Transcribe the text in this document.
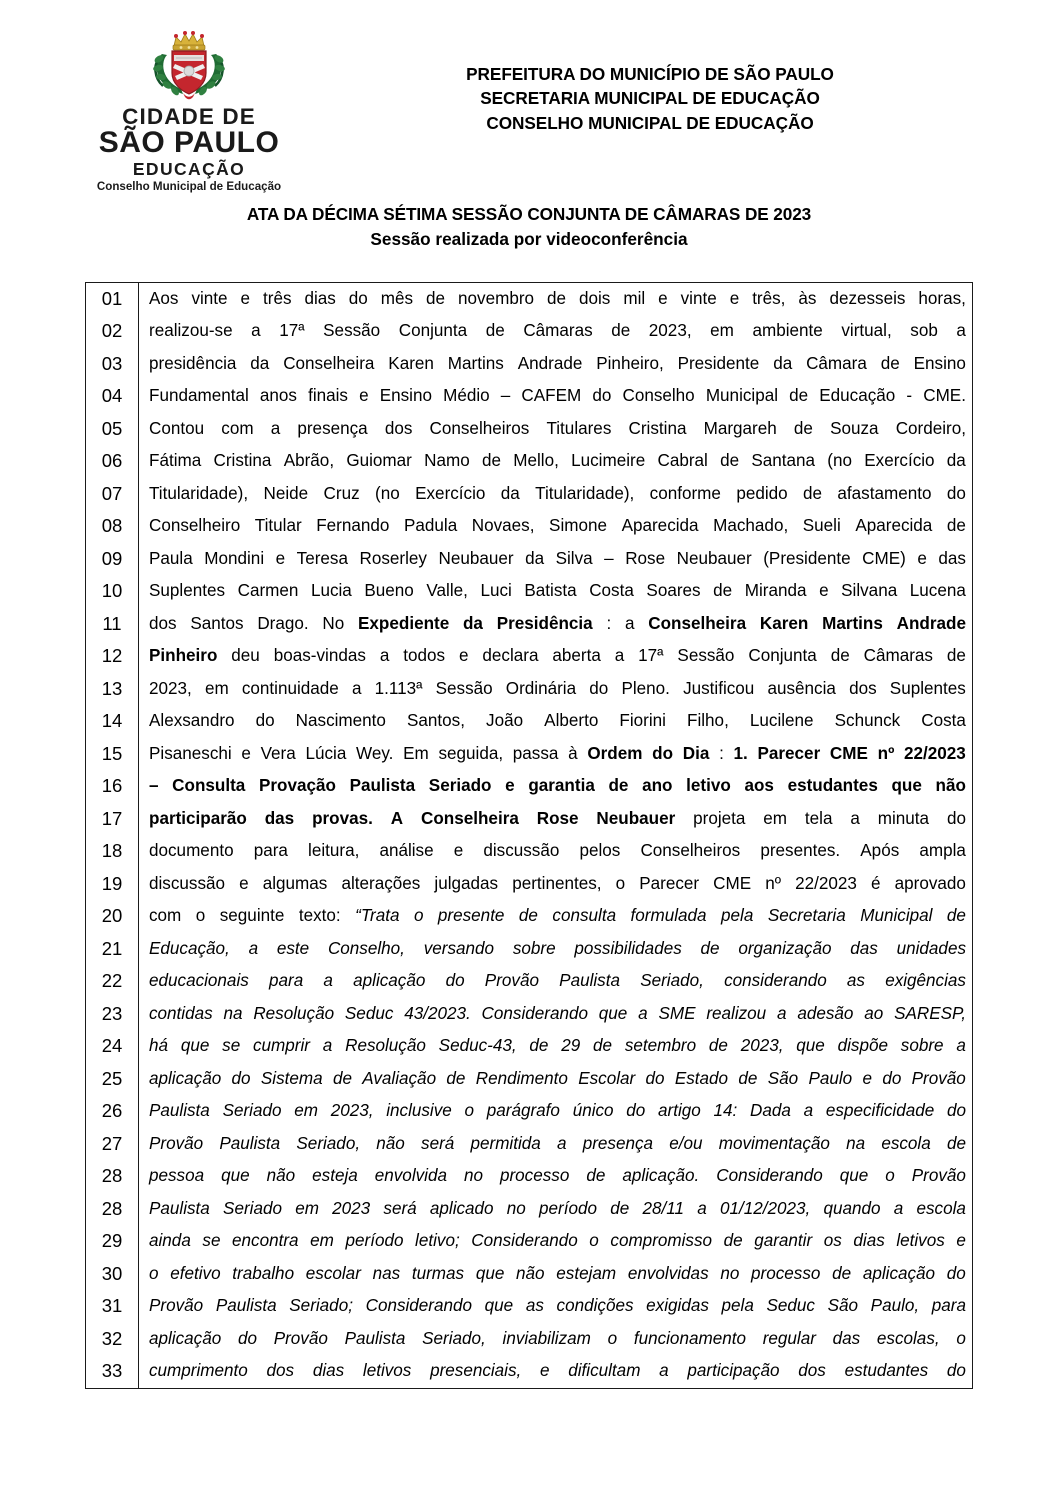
CIDADE DE
SÃO PAULO
EDUCAÇÃO
Conselho Municipal de Educação
PREFEITURA DO MUNICÍPIO DE SÃO PAULO
SECRETARIA MUNICIPAL DE EDUCAÇÃO
CONSELHO MUNICIPAL DE EDUCAÇÃO
ATA DA DÉCIMA SÉTIMA SESSÃO CONJUNTA DE CÂMARAS DE 2023
Sessão realizada por videoconferência
01	Aos vinte e três dias do mês de novembro de dois mil e vinte e três, às dezesseis horas,

02	realizou-se a 17ª Sessão Conjunta de Câmaras de 2023, em ambiente virtual, sob a

03	presidência da Conselheira Karen Martins Andrade Pinheiro, Presidente da Câmara de Ensino

04	Fundamental anos finais e Ensino Médio – CAFEM do Conselho Municipal de Educação - CME.

05	Contou com a presença dos Conselheiros Titulares Cristina Margareh de Souza Cordeiro,

06	Fátima Cristina Abrão, Guiomar Namo de Mello, Lucimeire Cabral de Santana (no Exercício da

07	Titularidade), Neide Cruz (no Exercício da Titularidade), conforme pedido de afastamento do

08	Conselheiro Titular Fernando Padula Novaes, Simone Aparecida Machado, Sueli Aparecida de

09	Paula Mondini e Teresa Roserley Neubauer da Silva – Rose Neubauer (Presidente CME) e das

10	Suplentes Carmen Lucia Bueno Valle, Luci Batista Costa Soares de Miranda e Silvana Lucena

11	dos Santos Drago. No Expediente da Presidência : a Conselheira Karen Martins Andrade

12	Pinheiro deu boas-vindas a todos e declara aberta a 17ª Sessão Conjunta de Câmaras de

13	2023, em continuidade a 1.113ª Sessão Ordinária do Pleno. Justificou ausência dos Suplentes

14	Alexsandro do Nascimento Santos, João Alberto Fiorini Filho, Lucilene Schunck Costa

15	Pisaneschi e Vera Lúcia Wey. Em seguida, passa à Ordem do Dia : 1. Parecer CME nº 22/2023

16	– Consulta Provação Paulista Seriado e garantia de ano letivo aos estudantes que não

17	participarão das provas. A Conselheira Rose Neubauer projeta em tela a minuta do

18	documento para leitura, análise e discussão pelos Conselheiros presentes. Após ampla

19	discussão e algumas alterações julgadas pertinentes, o Parecer CME nº 22/2023 é aprovado

20	com o seguinte texto: “Trata o presente de consulta formulada pela Secretaria Municipal de

21	Educação, a este Conselho, versando sobre possibilidades de organização das unidades

22	educacionais para a aplicação do Provão Paulista Seriado, considerando as exigências

23	contidas na Resolução Seduc 43/2023. Considerando que a SME realizou a adesão ao SARESP,

24	há que se cumprir a Resolução Seduc-43, de 29 de setembro de 2023, que dispõe sobre a

25	aplicação do Sistema de Avaliação de Rendimento Escolar do Estado de São Paulo e do Provão

26	Paulista Seriado em 2023, inclusive o parágrafo único do artigo 14: Dada a especificidade do

27	Provão Paulista Seriado, não será permitida a presença e/ou movimentação na escola de

28	pessoa que não esteja envolvida no processo de aplicação. Considerando que o Provão

28	Paulista Seriado em 2023 será aplicado no período de 28/11 a 01/12/2023, quando a escola

29	ainda se encontra em período letivo; Considerando o compromisso de garantir os dias letivos e

30	o efetivo trabalho escolar nas turmas que não estejam envolvidas no processo de aplicação do

31	Provão Paulista Seriado; Considerando que as condições exigidas pela Seduc São Paulo, para

32	aplicação do Provão Paulista Seriado, inviabilizam o funcionamento regular das escolas, o

33	cumprimento dos dias letivos presenciais, e dificultam a participação dos estudantes do
